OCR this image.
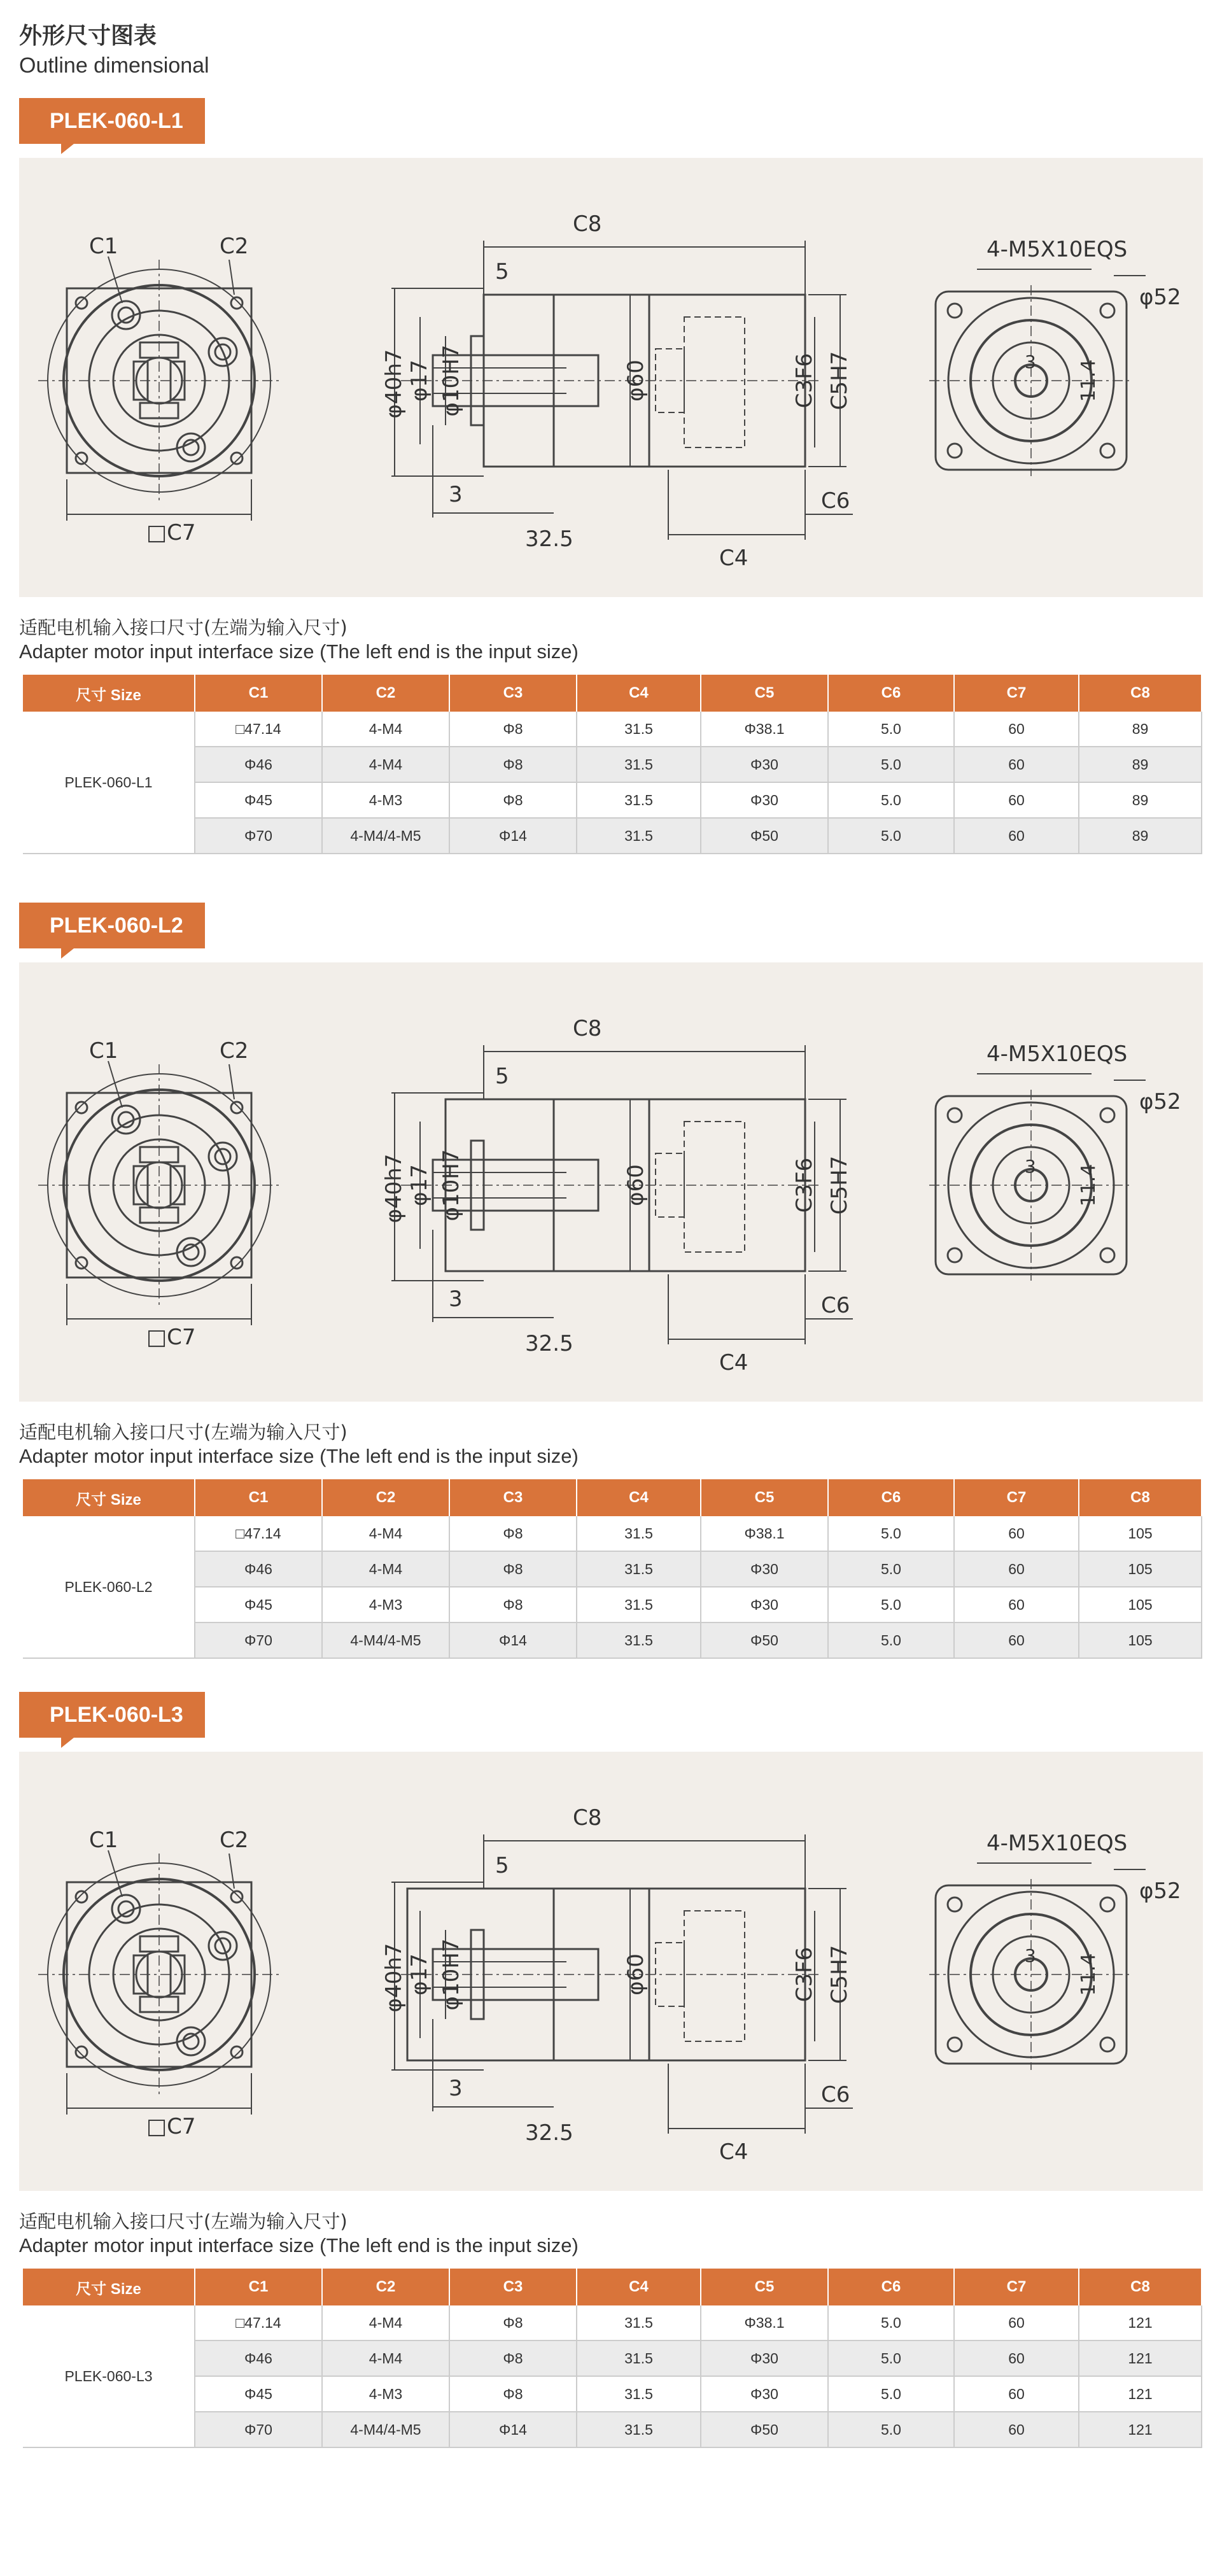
外形尺寸图表
Outline dimensional
PLEK-060-L1
C1	C2
□C7
C8
5
3
32.5
C4
C6
4-M5X10EQS
φ52
3 11.4
φ40h7 φ17 φ10H7	φ60	C3F6 C5H7
适配电机输入接口尺寸(左端为输入尺寸)
Adapter motor input interface size (The left end is the input size)
尺寸 Size	C1	C2	C3	C4	C5	C6	C7	C8
PLEK-060-L1	□47.14	4-M4	Φ8	31.5	Φ38.1	5.0	60	89
	Φ46	4-M4	Φ8	31.5	Φ30	5.0	60	89
	Φ45	4-M3	Φ8	31.5	Φ30	5.0	60	89
	Φ70	4-M4/4-M5	Φ14	31.5	Φ50	5.0	60	89
PLEK-060-L2
C1	C2
□C7
C8
5
3
32.5
C4
C6
4-M5X10EQS
φ52
3 11.4
φ40h7 φ17 φ10H7	φ60	C3F6 C5H7
适配电机输入接口尺寸(左端为输入尺寸)
Adapter motor input interface size (The left end is the input size)
尺寸 Size	C1	C2	C3	C4	C5	C6	C7	C8
PLEK-060-L2	□47.14	4-M4	Φ8	31.5	Φ38.1	5.0	60	105
	Φ46	4-M4	Φ8	31.5	Φ30	5.0	60	105
	Φ45	4-M3	Φ8	31.5	Φ30	5.0	60	105
	Φ70	4-M4/4-M5	Φ14	31.5	Φ50	5.0	60	105
PLEK-060-L3
C1	C2
□C7
C8
5
3
32.5
C4
C6
4-M5X10EQS
φ52
3 11.4
φ40h7 φ17 φ10H7	φ60	C3F6 C5H7
适配电机输入接口尺寸(左端为输入尺寸)
Adapter motor input interface size (The left end is the input size)
尺寸 Size	C1	C2	C3	C4	C5	C6	C7	C8
PLEK-060-L3	□47.14	4-M4	Φ8	31.5	Φ38.1	5.0	60	121
	Φ46	4-M4	Φ8	31.5	Φ30	5.0	60	121
	Φ45	4-M3	Φ8	31.5	Φ30	5.0	60	121
	Φ70	4-M4/4-M5	Φ14	31.5	Φ50	5.0	60	121
